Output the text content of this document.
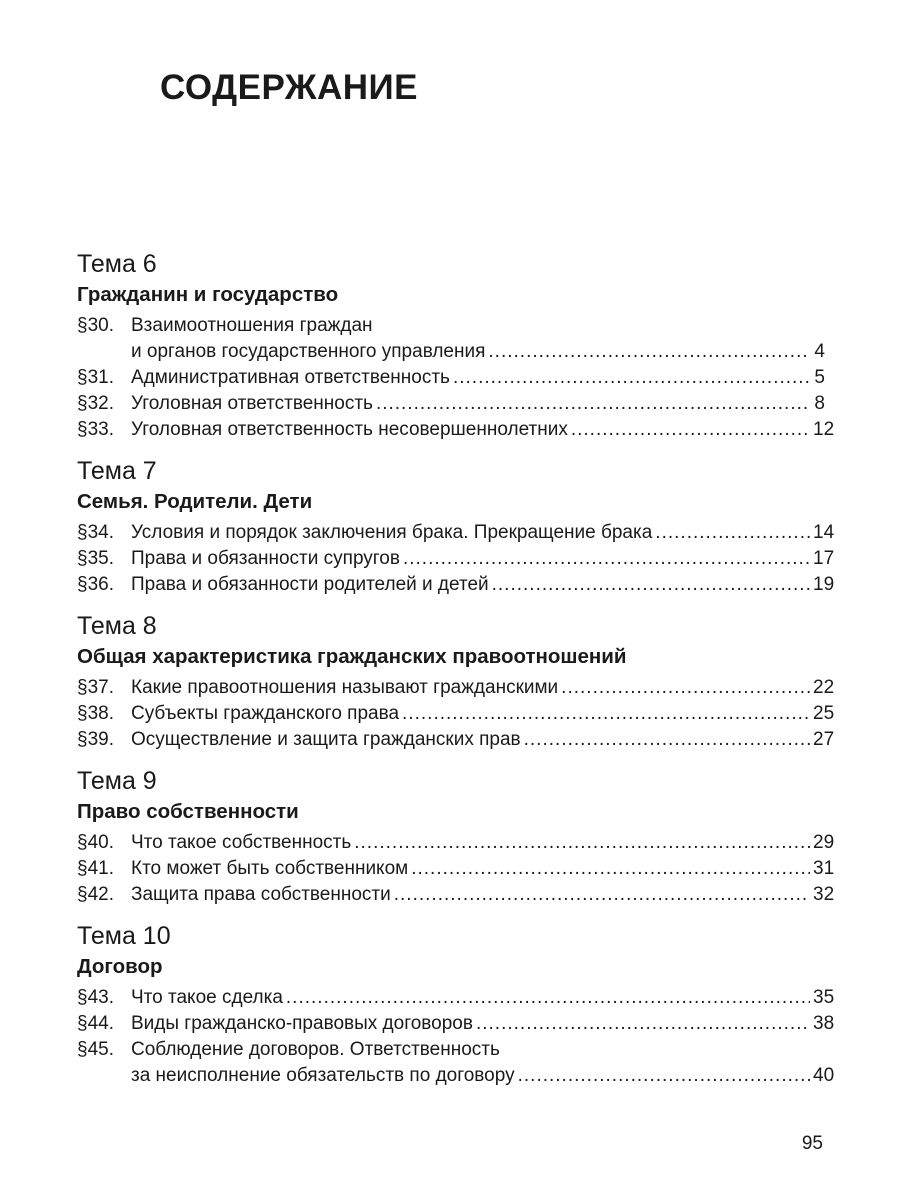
СОДЕРЖАНИЕ
Тема 6
Гражданин и государство
§30. Взаимоотношения граждан
и органов государственного управления .....	4
§31. Административная ответственность .....	5
§32. Уголовная ответственность .....	8
§33. Уголовная ответственность несовершеннолетних .....	12
Тема 7
Семья. Родители. Дети
§34. Условия и порядок заключения брака. Прекращение брака .....	14
§35. Права и обязанности супругов .....	17
§36. Права и обязанности родителей и детей .....	19
Тема 8
Общая характеристика гражданских правоотношений
§37. Какие правоотношения называют гражданскими .....	22
§38. Субъекты гражданского права .....	25
§39. Осуществление и защита гражданских прав .....	27
Тема 9
Право собственности
§40. Что такое собственность .....	29
§41. Кто может быть собственником .....	31
§42. Защита права собственности .....	32
Тема 10
Договор
§43. Что такое сделка .....	35
§44. Виды гражданско-правовых договоров .....	38
§45. Соблюдение договоров. Ответственность
за неисполнение обязательств по договору .....	40
95
